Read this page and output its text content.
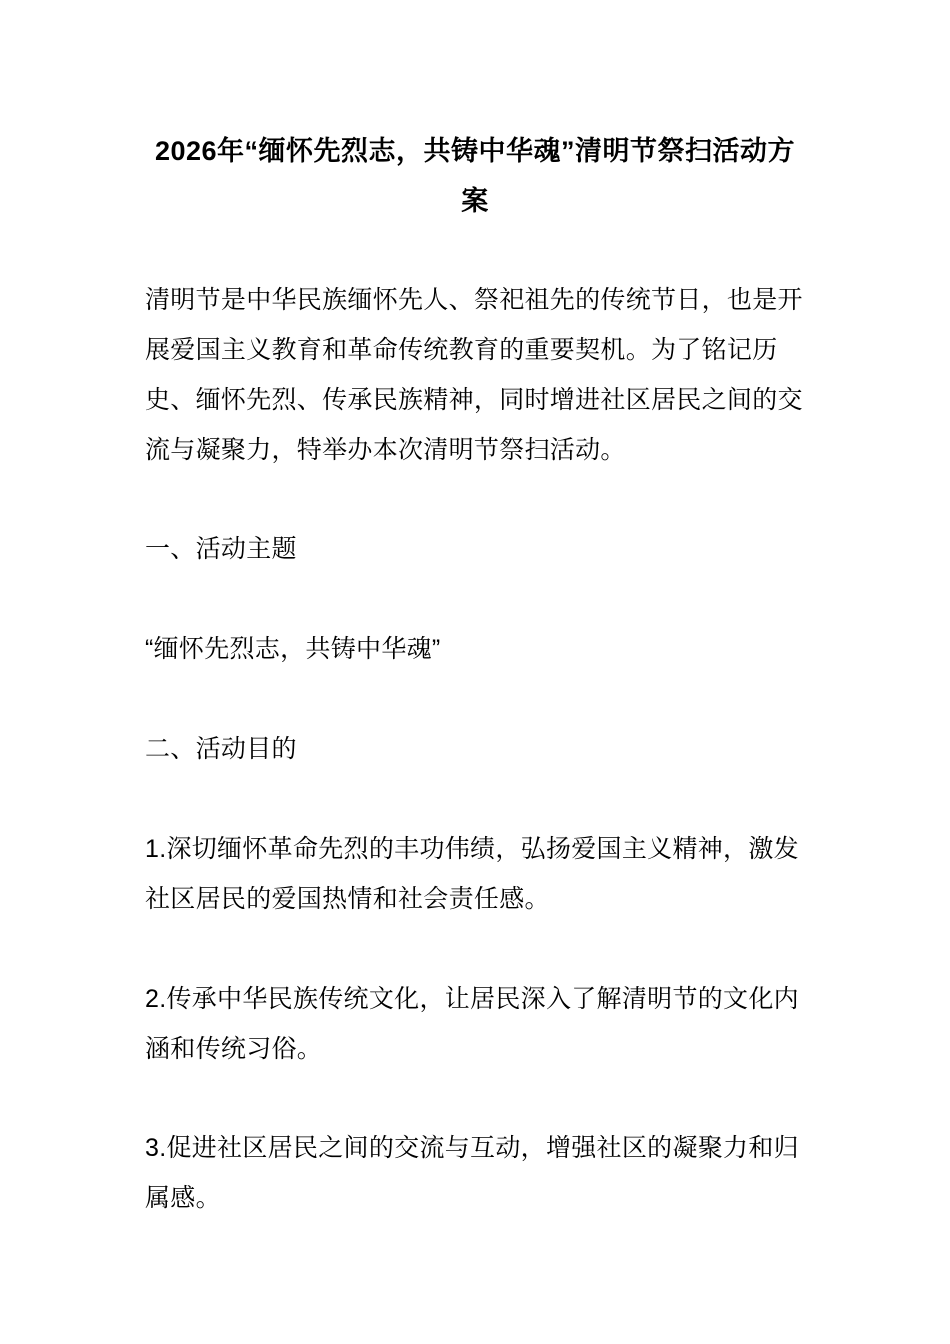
2026年“缅怀先烈志，共铸中华魂”清明节祭扫活动方案

清明节是中华民族缅怀先人、祭祀祖先的传统节日，也是开展爱国主义教育和革命传统教育的重要契机。为了铭记历史、缅怀先烈、传承民族精神，同时增进社区居民之间的交流与凝聚力，特举办本次清明节祭扫活动。

一、活动主题

“缅怀先烈志，共铸中华魂”

二、活动目的

1.深切缅怀革命先烈的丰功伟绩，弘扬爱国主义精神，激发社区居民的爱国热情和社会责任感。

2.传承中华民族传统文化，让居民深入了解清明节的文化内涵和传统习俗。

3.促进社区居民之间的交流与互动，增强社区的凝聚力和归属感。
